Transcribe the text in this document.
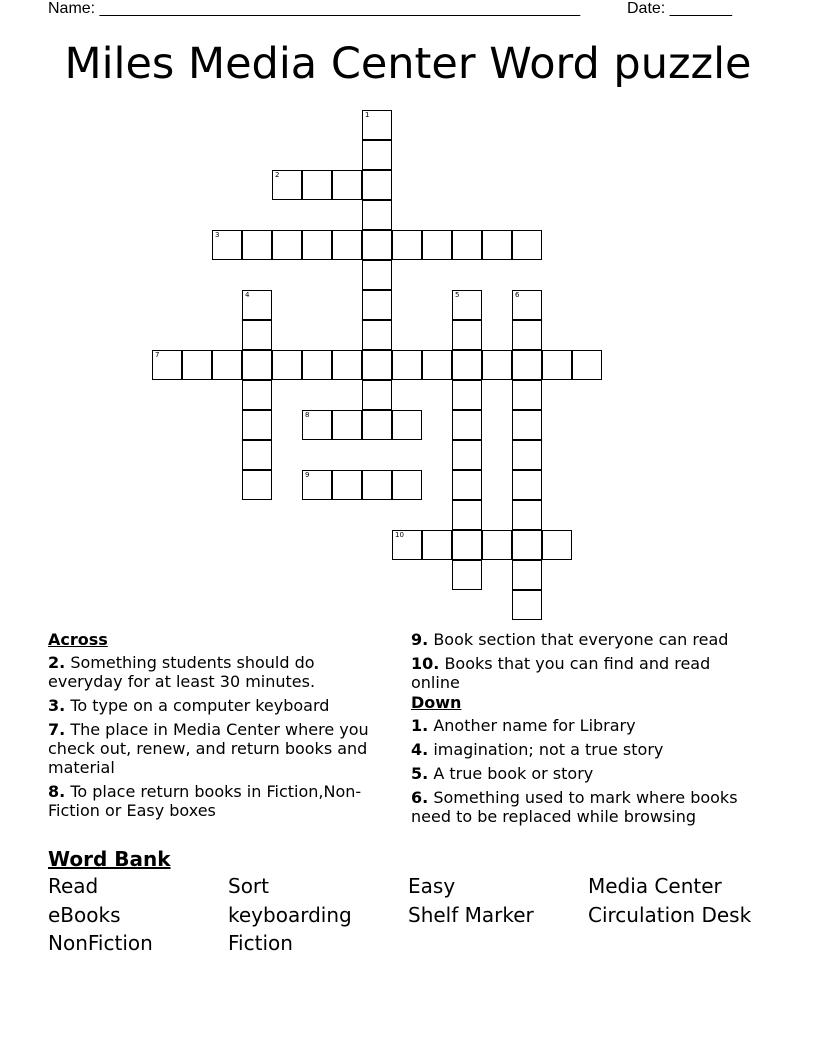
Name: ______________________________________________________	Date: _______
Miles Media Center Word puzzle
1
2
3
4	5	6
7
8
9
10
Across
2. Something students should do everyday for at least 30 minutes.
3. To type on a computer keyboard
7. The place in Media Center where you check out, renew, and return books and material
8. To place return books in Fiction,Non-Fiction or Easy boxes
9. Book section that everyone can read
10. Books that you can find and read online
Down
1. Another name for Library
4. imagination; not a true story
5. A true book or story
6. Something used to mark where books need to be replaced while browsing
Word Bank
Read	Sort	Easy	Media Center
eBooks	keyboarding	Shelf Marker	Circulation Desk
NonFiction	Fiction
